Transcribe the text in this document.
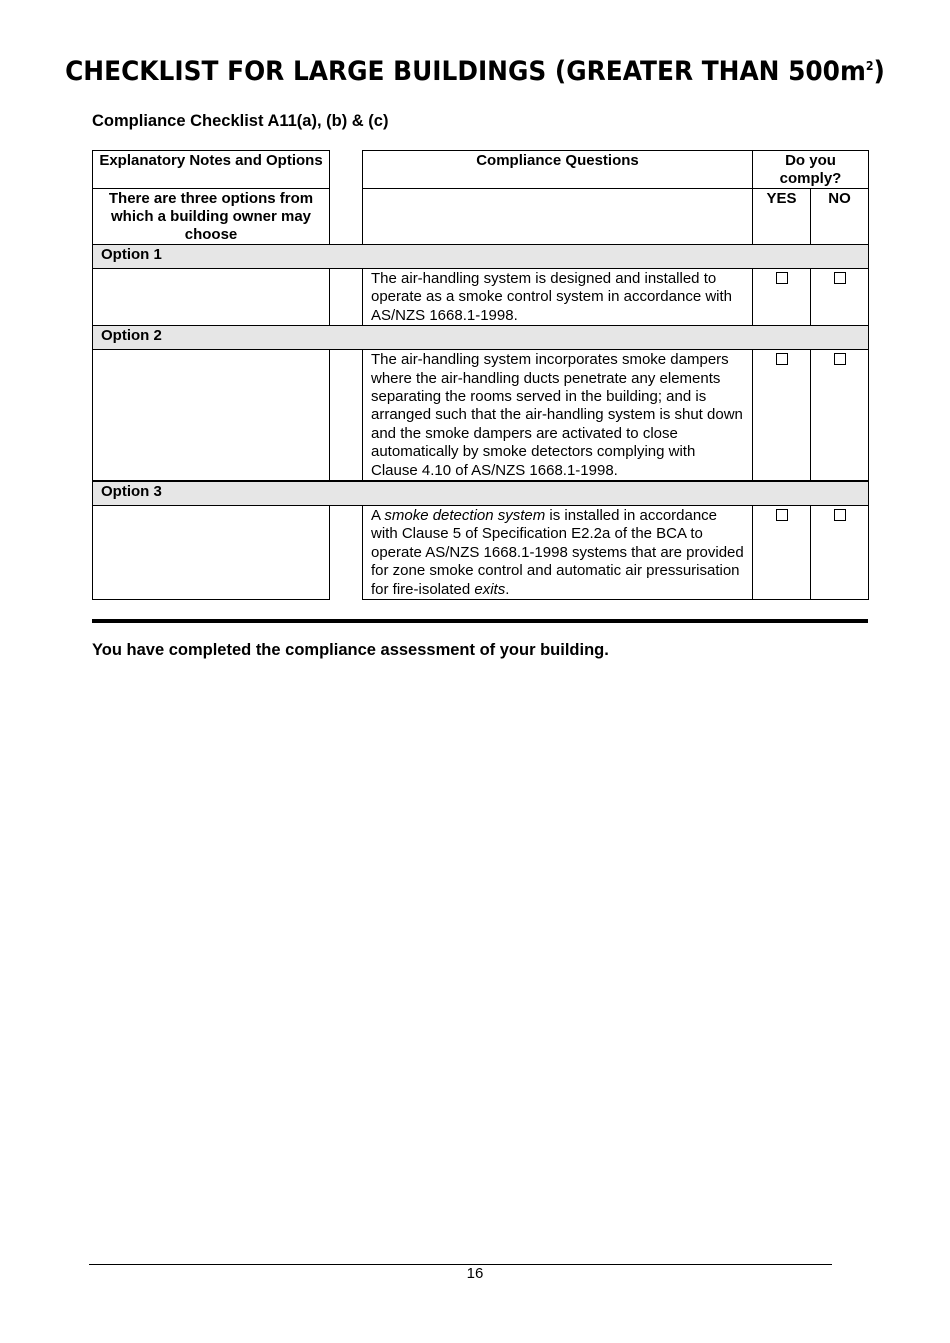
CHECKLIST FOR LARGE BUILDINGS (GREATER THAN $500m^2$)
Compliance Checklist A11(a), (b) & (c)
Explanatory Notes and Options		Compliance Questions	Do you comply?	
There are three options from which a building owner may choose			YES	NO
Option 1				
		The air-handling system is designed and installed to operate as a smoke control system in accordance with AS/NZS 1668.1-1998.		
Option 2				
		The air-handling system incorporates smoke dampers where the air-handling ducts penetrate any elements separating the rooms served in the building; and is arranged such that the air-handling system is shut down and the smoke dampers are activated to close automatically by smoke detectors complying with Clause 4.10 of AS/NZS 1668.1-1998.		
Option 3				
		A smoke detection system is installed in accordance with Clause 5 of Specification E2.2a of the BCA to operate AS/NZS 1668.1-1998 systems that are provided for zone smoke control and automatic air pressurisation for fire-isolated exits.		
You have completed the compliance assessment of your building.
16
